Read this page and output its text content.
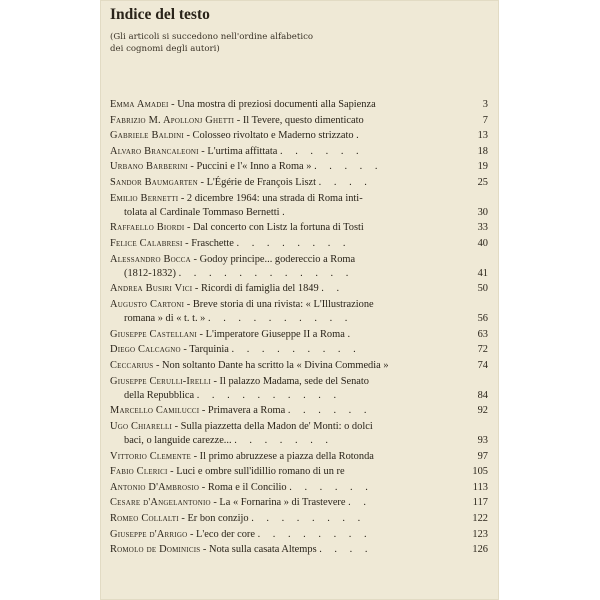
Indice del testo
(Gli articoli si succedono nell'ordine alfabetico
dei cognomi degli autori)
Emma Amadei - Una mostra di preziosi documenti alla Sapienza	3
Fabrizio M. Apollonj Ghetti - Il Tevere, questo dimenticato	7
Gabriele Baldini - Colosseo rivoltato e Maderno strizzato .	13
Alvaro Brancaleoni - L'urtima affittata . . . . . .	18
Urbano Barberini - Puccini e l'« Inno a Roma » . . . . .	19
Sandor Baumgarten - L'Égérie de François Liszt . . . .	25
Emilio Bernetti - 2 dicembre 1964: una strada di Roma inti-
tolata al Cardinale Tommaso Bernetti .	30
Raffaello Biordi - Dal concerto con Listz la fortuna di Tosti	33
Felice Calabresi - Fraschette . . . . . . . .	40
Alessandro Bocca - Godoy principe... godereccio a Roma
(1812-1832) . . . . . . . . . . . .	41
Andrea Busiri Vici - Ricordi di famiglia del 1849 . .	50
Augusto Cartoni - Breve storia di una rivista: « L'Illustrazione
romana » di « t. t. » . . . . . . . . . .	56
Giuseppe Castellani - L'imperatore Giuseppe II a Roma .	63
Diego Calcagno - Tarquinia . . . . . . . . .	72
Ceccarius - Non soltanto Dante ha scritto la « Divina Commedia »	74
Giuseppe Cerulli-Irelli - Il palazzo Madama, sede del Senato
della Repubblica . . . . . . . . . .	84
Marcello Camilucci - Primavera a Roma . . . . . .	92
Ugo Chiarelli - Sulla piazzetta della Madon de' Monti: o dolci
baci, o languide carezze... . . . . . . .	93
Vittorio Clemente - Il primo abruzzese a piazza della Rotonda	97
Fabio Clerici - Luci e ombre sull'idillio romano di un re	105
Antonio D'Ambrosio - Roma e il Concilio . . . . . .	113
Cesare d'Angelantonio - La « Fornarina » di Trastevere . .	117
Romeo Collalti - Er bon conzijo . . . . . . . .	122
Giuseppe d'Arrigo - L'eco der core . . . . . . . .	123
Romolo de Dominicis - Nota sulla casata Altemps . . . .	126
